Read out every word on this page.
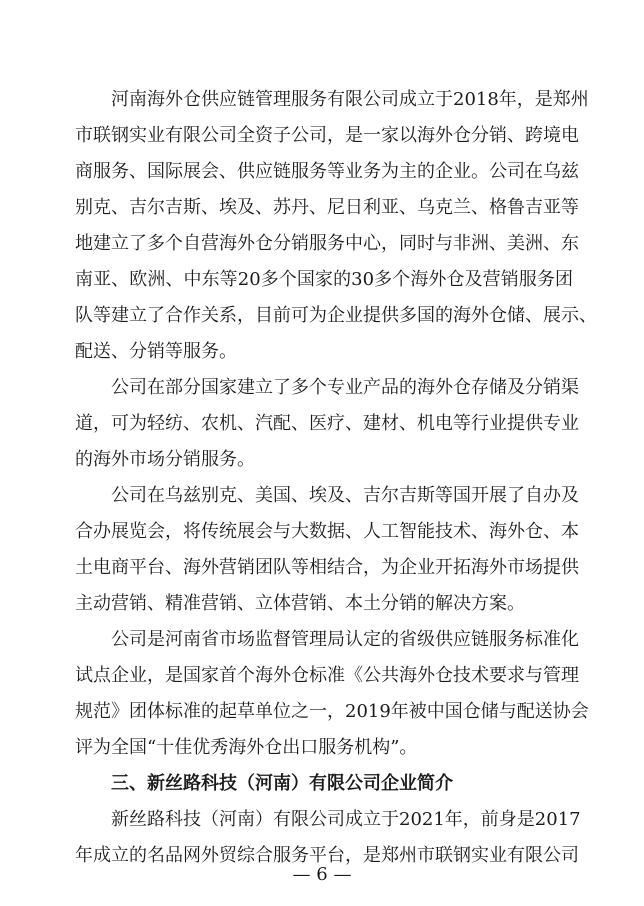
河南海外仓供应链管理服务有限公司成立于2018年，是郑州
市联钢实业有限公司全资子公司，是一家以海外仓分销、跨境电
商服务、国际展会、供应链服务等业务为主的企业。公司在乌兹
别克、吉尔吉斯、埃及、苏丹、尼日利亚、乌克兰、格鲁吉亚等
地建立了多个自营海外仓分销服务中心，同时与非洲、美洲、东
南亚、欧洲、中东等20多个国家的30多个海外仓及营销服务团
队等建立了合作关系，目前可为企业提供多国的海外仓储、展示、
配送、分销等服务。
公司在部分国家建立了多个专业产品的海外仓存储及分销渠
道，可为轻纺、农机、汽配、医疗、建材、机电等行业提供专业
的海外市场分销服务。
公司在乌兹别克、美国、埃及、吉尔吉斯等国开展了自办及
合办展览会，将传统展会与大数据、人工智能技术、海外仓、本
土电商平台、海外营销团队等相结合，为企业开拓海外市场提供
主动营销、精准营销、立体营销、本土分销的解决方案。
公司是河南省市场监督管理局认定的省级供应链服务标准化
试点企业，是国家首个海外仓标准《公共海外仓技术要求与管理
规范》团体标准的起草单位之一，2019年被中国仓储与配送协会
评为全国“十佳优秀海外仓出口服务机构”。
三、新丝路科技（河南）有限公司企业简介
新丝路科技（河南）有限公司成立于2021年，前身是2017
年成立的名品网外贸综合服务平台，是郑州市联钢实业有限公司
— 6 —
